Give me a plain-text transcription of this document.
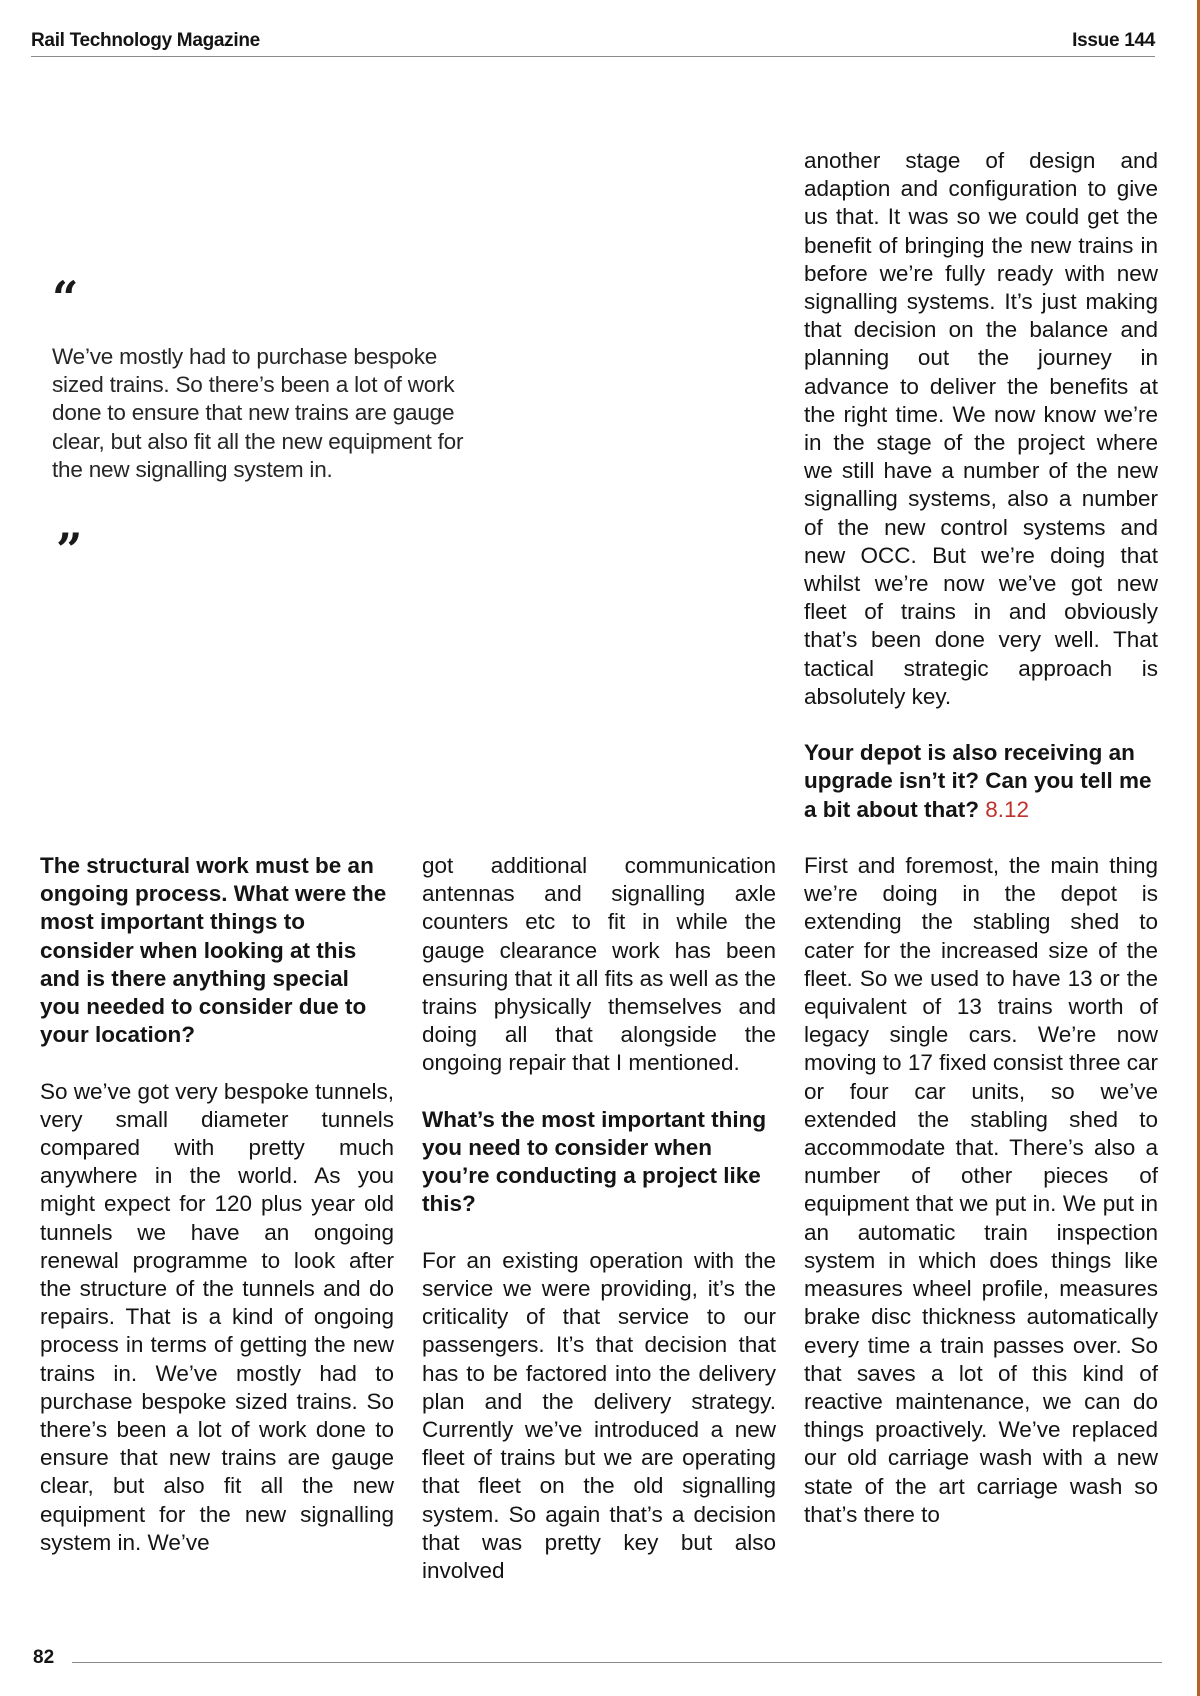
Rail Technology Magazine	Issue 144
“
We’ve mostly had to purchase bespoke sized trains. So there’s been a lot of work done to ensure that new trains are gauge clear, but also fit all the new equipment for the new signalling system in.
”

The structural work must be an ongoing process. What were the most important things to consider when looking at this and is there anything special you needed to consider due to your location?

So we’ve got very bespoke tunnels, very small diameter tunnels compared with pretty much anywhere in the world. As you might expect for 120 plus year old tunnels we have an ongoing renewal programme to look after the structure of the tunnels and do repairs. That is a kind of ongoing process in terms of getting the new trains in. We’ve mostly had to purchase bespoke sized trains. So there’s been a lot of work done to ensure that new trains are gauge clear, but also fit all the new equipment for the new signalling system in. We’ve

got additional communication antennas and signalling axle counters etc to fit in while the gauge clearance work has been ensuring that it all fits as well as the trains physically themselves and doing all that alongside the ongoing repair that I mentioned.

What’s the most important thing you need to consider when you’re conducting a project like this?

For an existing operation with the service we were providing, it’s the criticality of that service to our passengers. It’s that decision that has to be factored into the delivery plan and the delivery strategy. Currently we’ve introduced a new fleet of trains but we are operating that fleet on the old signalling system. So again that’s a decision that was pretty key but also involved

another stage of design and adaption and configuration to give us that. It was so we could get the benefit of bringing the new trains in before we’re fully ready with new signalling systems. It’s just making that decision on the balance and planning out the journey in advance to deliver the benefits at the right time. We now know we’re in the stage of the project where we still have a number of the new signalling systems, also a number of the new control systems and new OCC. But we’re doing that whilst we’re now we’ve got new fleet of trains in and obviously that’s been done very well. That tactical strategic approach is absolutely key.

Your depot is also receiving an upgrade isn’t it? Can you tell me a bit about that? 8.12

First and foremost, the main thing we’re doing in the depot is extending the stabling shed to cater for the increased size of the fleet. So we used to have 13 or the equivalent of 13 trains worth of legacy single cars. We’re now moving to 17 fixed consist three car or four car units, so we’ve extended the stabling shed to accommodate that. There’s also a number of other pieces of equipment that we put in. We put in an automatic train inspection system in which does things like measures wheel profile, measures brake disc thickness automatically every time a train passes over. So that saves a lot of this kind of reactive maintenance, we can do things proactively. We’ve replaced our old carriage wash with a new state of the art carriage wash so that’s there to

82
